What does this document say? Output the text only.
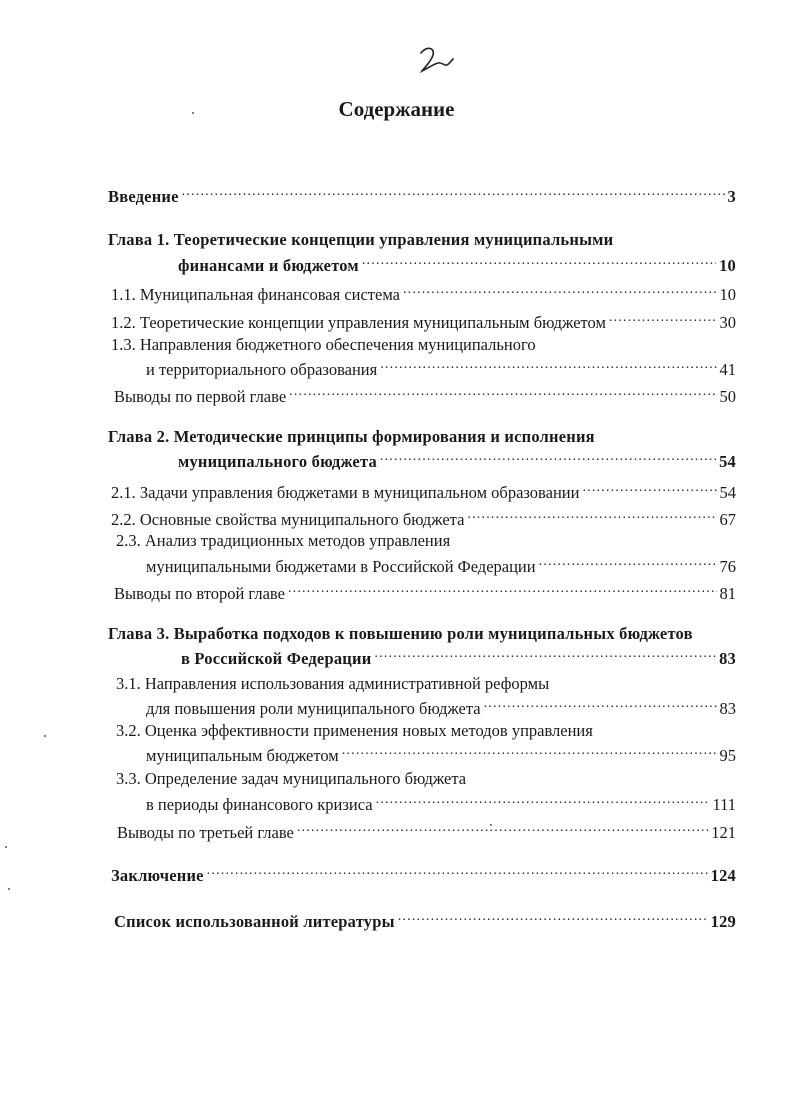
Содержание
Введение .....	3
Глава 1. Теоретические концепции управления муниципальными
финансами и бюджетом .....	10
1.1. Муниципальная финансовая система .....	10
1.2. Теоретические концепции управления муниципальным бюджетом .....	30
1.3. Направления бюджетного обеспечения муниципального
и территориального образования .....	41
Выводы по первой главе .....	50
Глава 2. Методические принципы формирования и исполнения
муниципального бюджета .....	54
2.1. Задачи управления бюджетами в муниципальном образовании .....	54
2.2. Основные свойства муниципального бюджета .....	67
2.3. Анализ традиционных методов управления
муниципальными бюджетами в Российской Федерации .....	76
Выводы по второй главе .....	81
Глава 3. Выработка подходов к повышению роли муниципальных бюджетов
в Российской Федерации .....	83
3.1. Направления использования административной реформы
для повышения роли муниципального бюджета .....	83
3.2. Оценка эффективности применения новых методов управления
муниципальным бюджетом .....	95
3.3. Определение задач муниципального бюджета
в периоды финансового кризиса .....	111
Выводы по третьей главе .....	121
Заключение .....	124
Список использованной литературы .....	129
